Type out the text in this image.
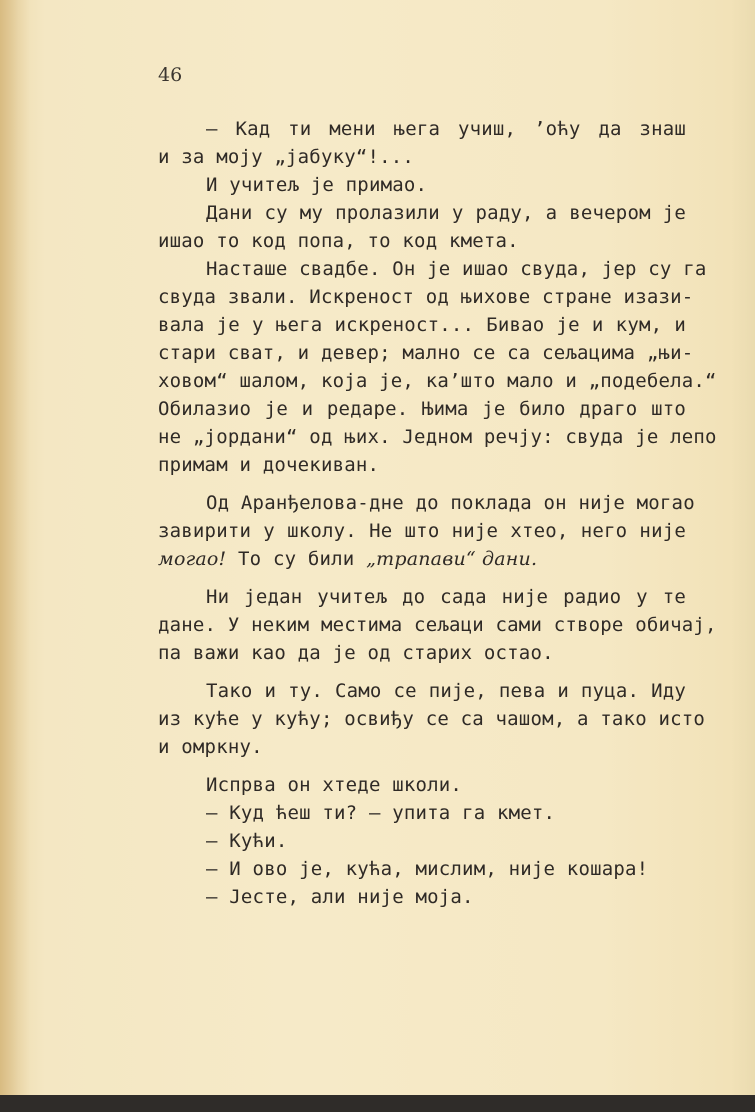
46
— Кад ти мени њега учиш, ’оћу да знаш
и за моју „јабуку“!...
И учитељ је примао.
Дани су му пролазили у раду, а вечером је
ишао то код попа, то код кмета.
Насташе свадбе. Он је ишао свуда, јер су га
свуда звали. Искреност од њихове стране изази-
вала је у њега искреност... Бивао је и кум, и
стари сват, и девер; мално се са сељацима „њи-
ховом“ шалом, која је, ка’што мало и „подебела.“
Обилазио је и редаре. Њима је било драго што
не „јордани“ од њих. Једном речју: свуда је лепо
примам и дочекиван.
Од Аранђелова-дне до поклада он није могао
завирити у школу. Не што није хтео, него није
могао! То су били „трапави“ дани.
Ни један учитељ до сада није радио у те
дане. У неким местима сељаци сами створе обичај,
па важи као да је од старих остао.
Тако и ту. Само се пије, пева и пуца. Иду
из куће у кућу; освиђу се са чашом, а тако исто
и омркну.
Испрва он хтеде школи.
— Куд ћеш ти? — упита га кмет.
— Кући.
— И ово је, кућа, мислим, није кошара!
— Јесте, али није моја.
